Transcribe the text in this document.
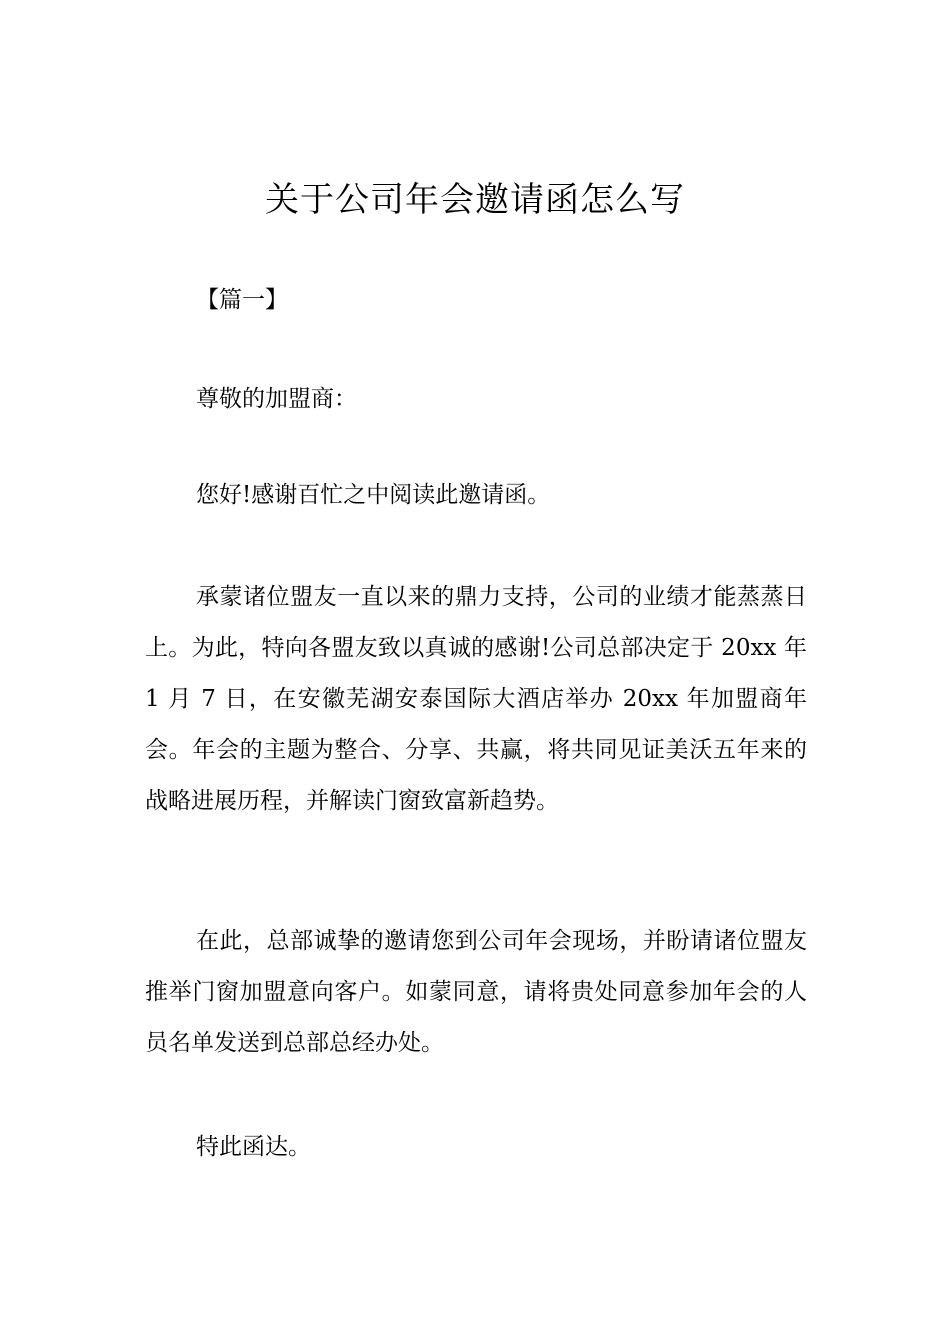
关于公司年会邀请函怎么写
【篇一】

尊敬的加盟商：

您好!感谢百忙之中阅读此邀请函。

承蒙诸位盟友一直以来的鼎力支持，公司的业绩才能蒸蒸日上。为此，特向各盟友致以真诚的感谢!公司总部决定于 20xx 年 1 月 7 日，在安徽芜湖安泰国际大酒店举办 20xx 年加盟商年会。年会的主题为整合、分享、共赢，将共同见证美沃五年来的战略进展历程，并解读门窗致富新趋势。

在此，总部诚挚的邀请您到公司年会现场，并盼请诸位盟友推举门窗加盟意向客户。如蒙同意，请将贵处同意参加年会的人员名单发送到总部总经办处。

特此函达。
